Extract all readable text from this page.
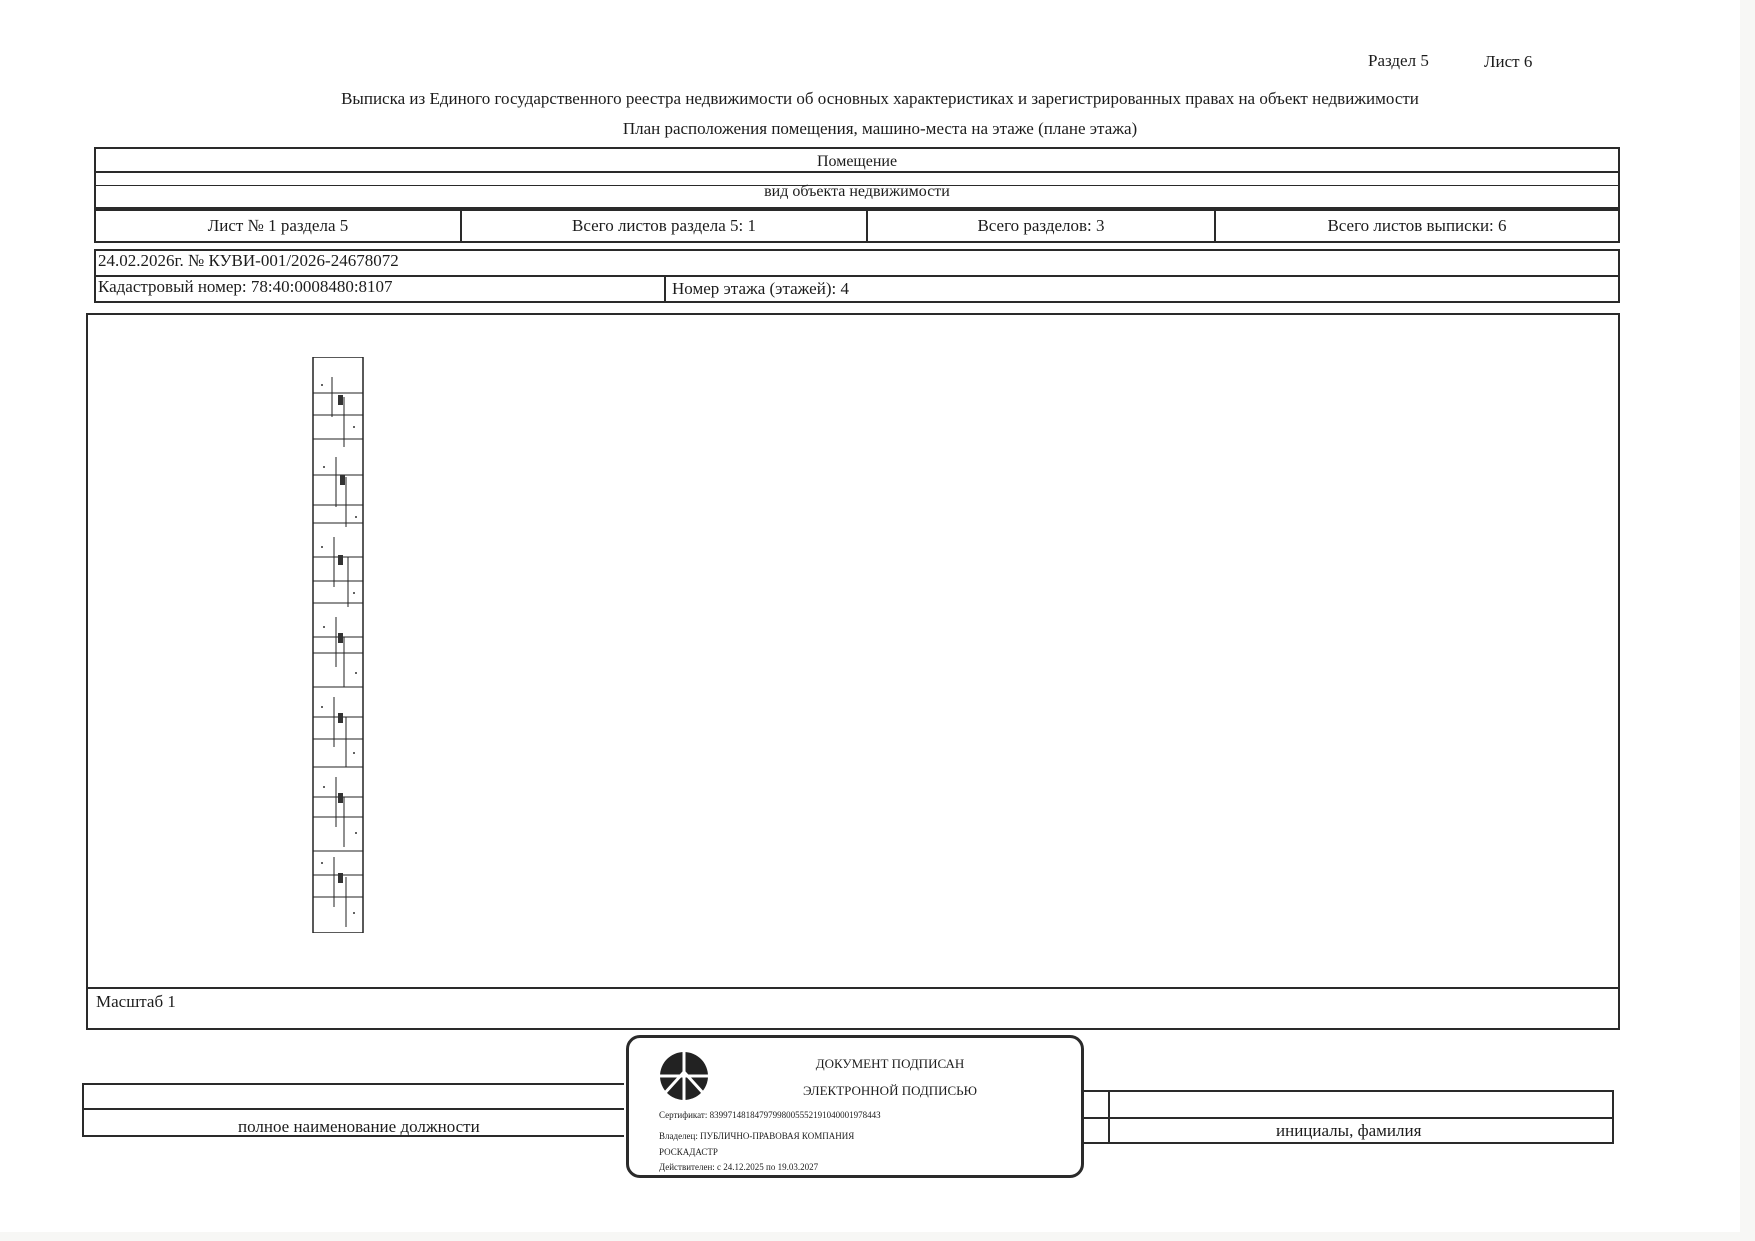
Раздел 5	Лист 6
Выписка из Единого государственного реестра недвижимости об основных характеристиках и зарегистрированных правах на объект недвижимости
План расположения помещения, машино-места на этаже (плане этажа)
Помещение
вид объекта недвижимости
Лист № 1 раздела 5	Всего листов раздела 5: 1	Всего разделов: 3	Всего листов выписки: 6
24.02.2026г. № КУВИ-001/2026-24678072
Кадастровый номер: 78:40:0008480:8107	Номер этажа (этажей): 4
Масштаб 1
полное наименование должности	инициалы, фамилия
ДОКУМЕНТ ПОДПИСАН
ЭЛЕКТРОННОЙ ПОДПИСЬЮ
Сертификат: 8399714818479799800555219104000197844З
Владелец: ПУБЛИЧНО-ПРАВОВАЯ КОМПАНИЯ
РОСКАДАСТР
Действителен: с 24.12.2025 по 19.03.2027
